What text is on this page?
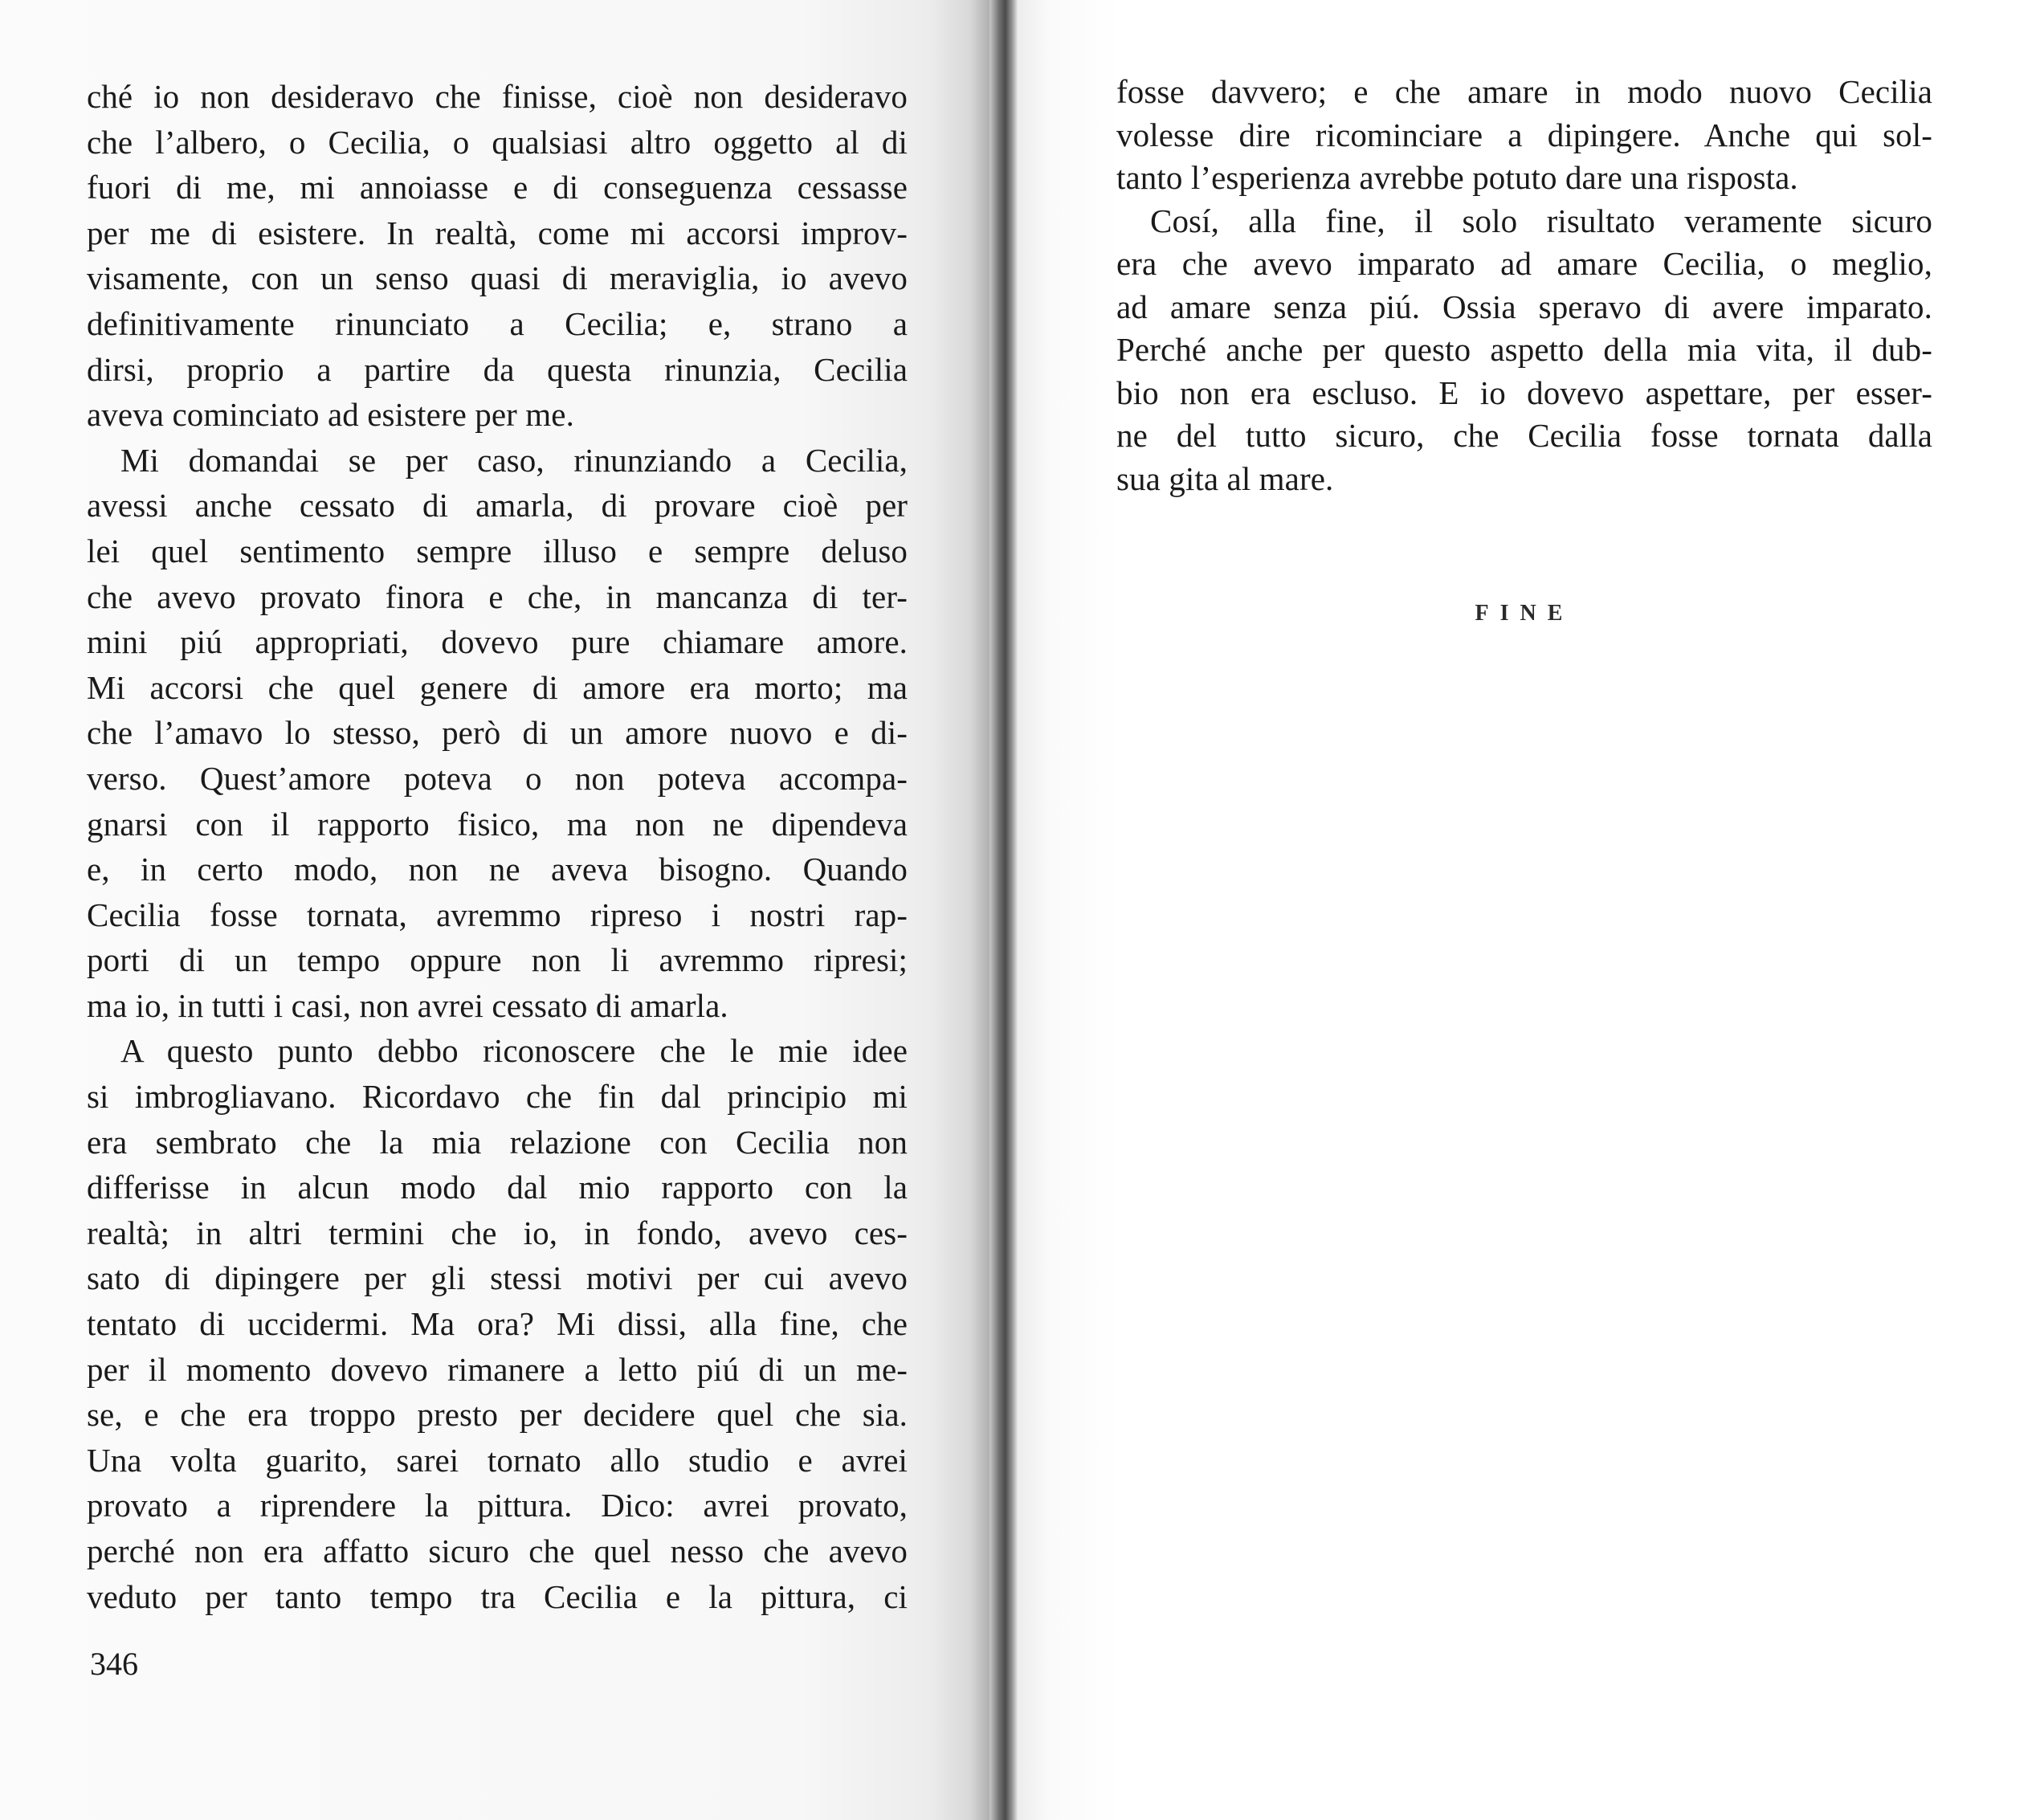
ché io non desideravo che finisse, cioè non desideravo
che l’albero, o Cecilia, o qualsiasi altro oggetto al di
fuori di me, mi annoiasse e di conseguenza cessasse
per me di esistere. In realtà, come mi accorsi improv-
visamente, con un senso quasi di meraviglia, io avevo
definitivamente rinunciato a Cecilia; e, strano a
dirsi, proprio a partire da questa rinunzia, Cecilia
aveva cominciato ad esistere per me.
Mi domandai se per caso, rinunziando a Cecilia,
avessi anche cessato di amarla, di provare cioè per
lei quel sentimento sempre illuso e sempre deluso
che avevo provato finora e che, in mancanza di ter-
mini piú appropriati, dovevo pure chiamare amore.
Mi accorsi che quel genere di amore era morto; ma
che l’amavo lo stesso, però di un amore nuovo e di-
verso. Quest’amore poteva o non poteva accompa-
gnarsi con il rapporto fisico, ma non ne dipendeva
e, in certo modo, non ne aveva bisogno. Quando
Cecilia fosse tornata, avremmo ripreso i nostri rap-
porti di un tempo oppure non li avremmo ripresi;
ma io, in tutti i casi, non avrei cessato di amarla.
A questo punto debbo riconoscere che le mie idee
si imbrogliavano. Ricordavo che fin dal principio mi
era sembrato che la mia relazione con Cecilia non
differisse in alcun modo dal mio rapporto con la
realtà; in altri termini che io, in fondo, avevo ces-
sato di dipingere per gli stessi motivi per cui avevo
tentato di uccidermi. Ma ora? Mi dissi, alla fine, che
per il momento dovevo rimanere a letto piú di un me-
se, e che era troppo presto per decidere quel che sia.
Una volta guarito, sarei tornato allo studio e avrei
provato a riprendere la pittura. Dico: avrei provato,
perché non era affatto sicuro che quel nesso che avevo
veduto per tanto tempo tra Cecilia e la pittura, ci
346
fosse davvero; e che amare in modo nuovo Cecilia
volesse dire ricominciare a dipingere. Anche qui sol-
tanto l’esperienza avrebbe potuto dare una risposta.
Cosí, alla fine, il solo risultato veramente sicuro
era che avevo imparato ad amare Cecilia, o meglio,
ad amare senza piú. Ossia speravo di avere imparato.
Perché anche per questo aspetto della mia vita, il dub-
bio non era escluso. E io dovevo aspettare, per esser-
ne del tutto sicuro, che Cecilia fosse tornata dalla
sua gita al mare.
FINE
